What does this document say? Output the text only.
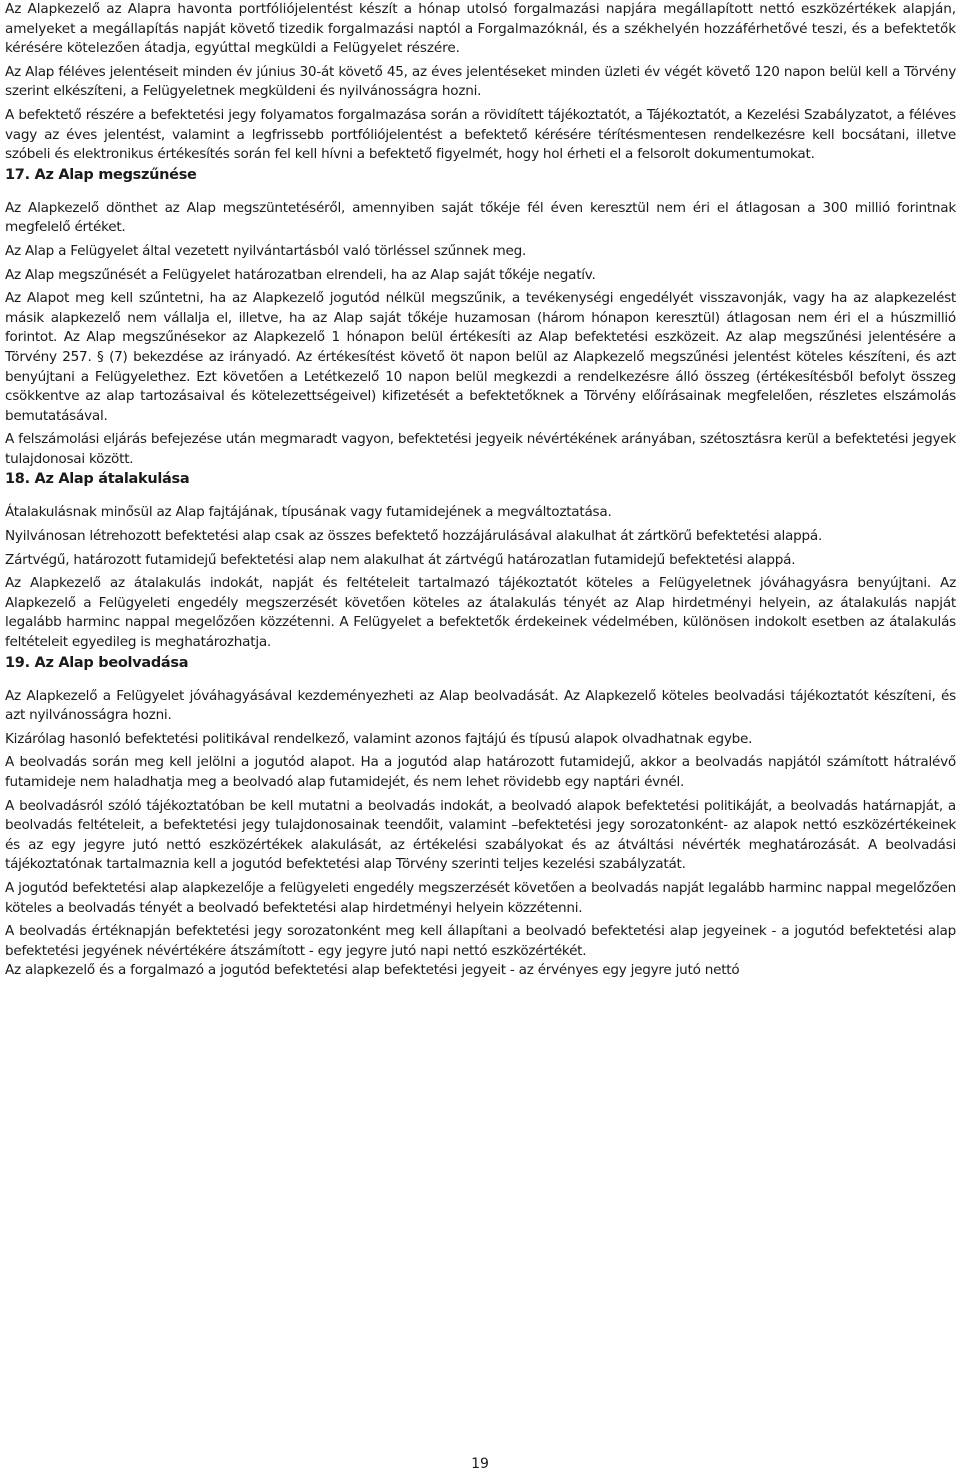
Az Alapkezelő az Alapra havonta portfóliójelentést készít a hónap utolsó forgalmazási napjára megállapított nettó eszközértékek alapján, amelyeket a megállapítás napját követő tizedik forgalmazási naptól a Forgalmazóknál, és a székhelyén hozzáférhetővé teszi, és a befektetők kérésére kötelezően átadja, egyúttal megküldi a Felügyelet részére.

Az Alap féléves jelentéseit minden év június 30-át követő 45, az éves jelentéseket minden üzleti év végét követő 120 napon belül kell a Törvény szerint elkészíteni, a Felügyeletnek megküldeni és nyilvánosságra hozni.

A befektető részére a befektetési jegy folyamatos forgalmazása során a rövidített tájékoztatót, a Tájékoztatót, a Kezelési Szabályzatot, a féléves vagy az éves jelentést, valamint a legfrissebb portfóliójelentést a befektető kérésére térítésmentesen rendelkezésre kell bocsátani, illetve szóbeli és elektronikus értékesítés során fel kell hívni a befektető figyelmét, hogy hol érheti el a felsorolt dokumentumokat.

17. Az Alap megszűnése

Az Alapkezelő dönthet az Alap megszüntetéséről, amennyiben saját tőkéje fél éven keresztül nem éri el átlagosan a 300 millió forintnak megfelelő értéket.

Az Alap a Felügyelet által vezetett nyilvántartásból való törléssel szűnnek meg.

Az Alap megszűnését a Felügyelet határozatban elrendeli, ha az Alap saját tőkéje negatív.

Az Alapot meg kell szűntetni, ha az Alapkezelő jogutód nélkül megszűnik, a tevékenységi engedélyét visszavonják, vagy ha az alapkezelést másik alapkezelő nem vállalja el, illetve, ha az Alap saját tőkéje huzamosan (három hónapon keresztül) átlagosan nem éri el a húszmillió forintot. Az Alap megszűnésekor az Alapkezelő 1 hónapon belül értékesíti az Alap befektetési eszközeit. Az alap megszűnési jelentésére a Törvény 257. § (7) bekezdése az irányadó. Az értékesítést követő öt napon belül az Alapkezelő megszűnési jelentést köteles készíteni, és azt benyújtani a Felügyelethez. Ezt követően a Letétkezelő 10 napon belül megkezdi a rendelkezésre álló összeg (értékesítésből befolyt összeg csökkentve az alap tartozásaival és kötelezettségeivel) kifizetését a befektetőknek a Törvény előírásainak megfelelően, részletes elszámolás bemutatásával.

A felszámolási eljárás befejezése után megmaradt vagyon, befektetési jegyeik névértékének arányában, szétosztásra kerül a befektetési jegyek tulajdonosai között.

18. Az Alap átalakulása

Átalakulásnak minősül az Alap fajtájának, típusának vagy futamidejének a megváltoztatása.

Nyilvánosan létrehozott befektetési alap csak az összes befektető hozzájárulásával alakulhat át zártkörű befektetési alappá.

Zártvégű, határozott futamidejű befektetési alap nem alakulhat át zártvégű határozatlan futamidejű befektetési alappá.

Az Alapkezelő az átalakulás indokát, napját és feltételeit tartalmazó tájékoztatót köteles a Felügyeletnek jóváhagyásra benyújtani. Az Alapkezelő a Felügyeleti engedély megszerzését követően köteles az átalakulás tényét az Alap hirdetményi helyein, az átalakulás napját legalább harminc nappal megelőzően közzétenni. A Felügyelet a befektetők érdekeinek védelmében, különösen indokolt esetben az átalakulás feltételeit egyedileg is meghatározhatja.

19. Az Alap beolvadása

Az Alapkezelő a Felügyelet jóváhagyásával kezdeményezheti az Alap beolvadását. Az Alapkezelő köteles beolvadási tájékoztatót készíteni, és azt nyilvánosságra hozni.

Kizárólag hasonló befektetési politikával rendelkező, valamint azonos fajtájú és típusú alapok olvadhatnak egybe.

A beolvadás során meg kell jelölni a jogutód alapot. Ha a jogutód alap határozott futamidejű, akkor a beolvadás napjától számított hátralévő futamideje nem haladhatja meg a beolvadó alap futamidejét, és nem lehet rövidebb egy naptári évnél.

A beolvadásról szóló tájékoztatóban be kell mutatni a beolvadás indokát, a beolvadó alapok befektetési politikáját, a beolvadás határnapját, a beolvadás feltételeit, a befektetési jegy tulajdonosainak teendőit, valamint –befektetési jegy sorozatonként- az alapok nettó eszközértékeinek és az egy jegyre jutó nettó eszközértékek alakulását, az értékelési szabályokat és az átváltási névérték meghatározását. A beolvadási tájékoztatónak tartalmaznia kell a jogutód befektetési alap Törvény szerinti teljes kezelési szabályzatát.

A jogutód befektetési alap alapkezelője a felügyeleti engedély megszerzését követően a beolvadás napját legalább harminc nappal megelőzően köteles a beolvadás tényét a beolvadó befektetési alap hirdetményi helyein közzétenni.

A beolvadás értéknapján befektetési jegy sorozatonként meg kell állapítani a beolvadó befektetési alap jegyeinek - a jogutód befektetési alap befektetési jegyének névértékére átszámított - egy jegyre jutó napi nettó eszközértékét.

Az alapkezelő és a forgalmazó a jogutód befektetési alap befektetési jegyeit - az érvényes egy jegyre jutó nettó

19
